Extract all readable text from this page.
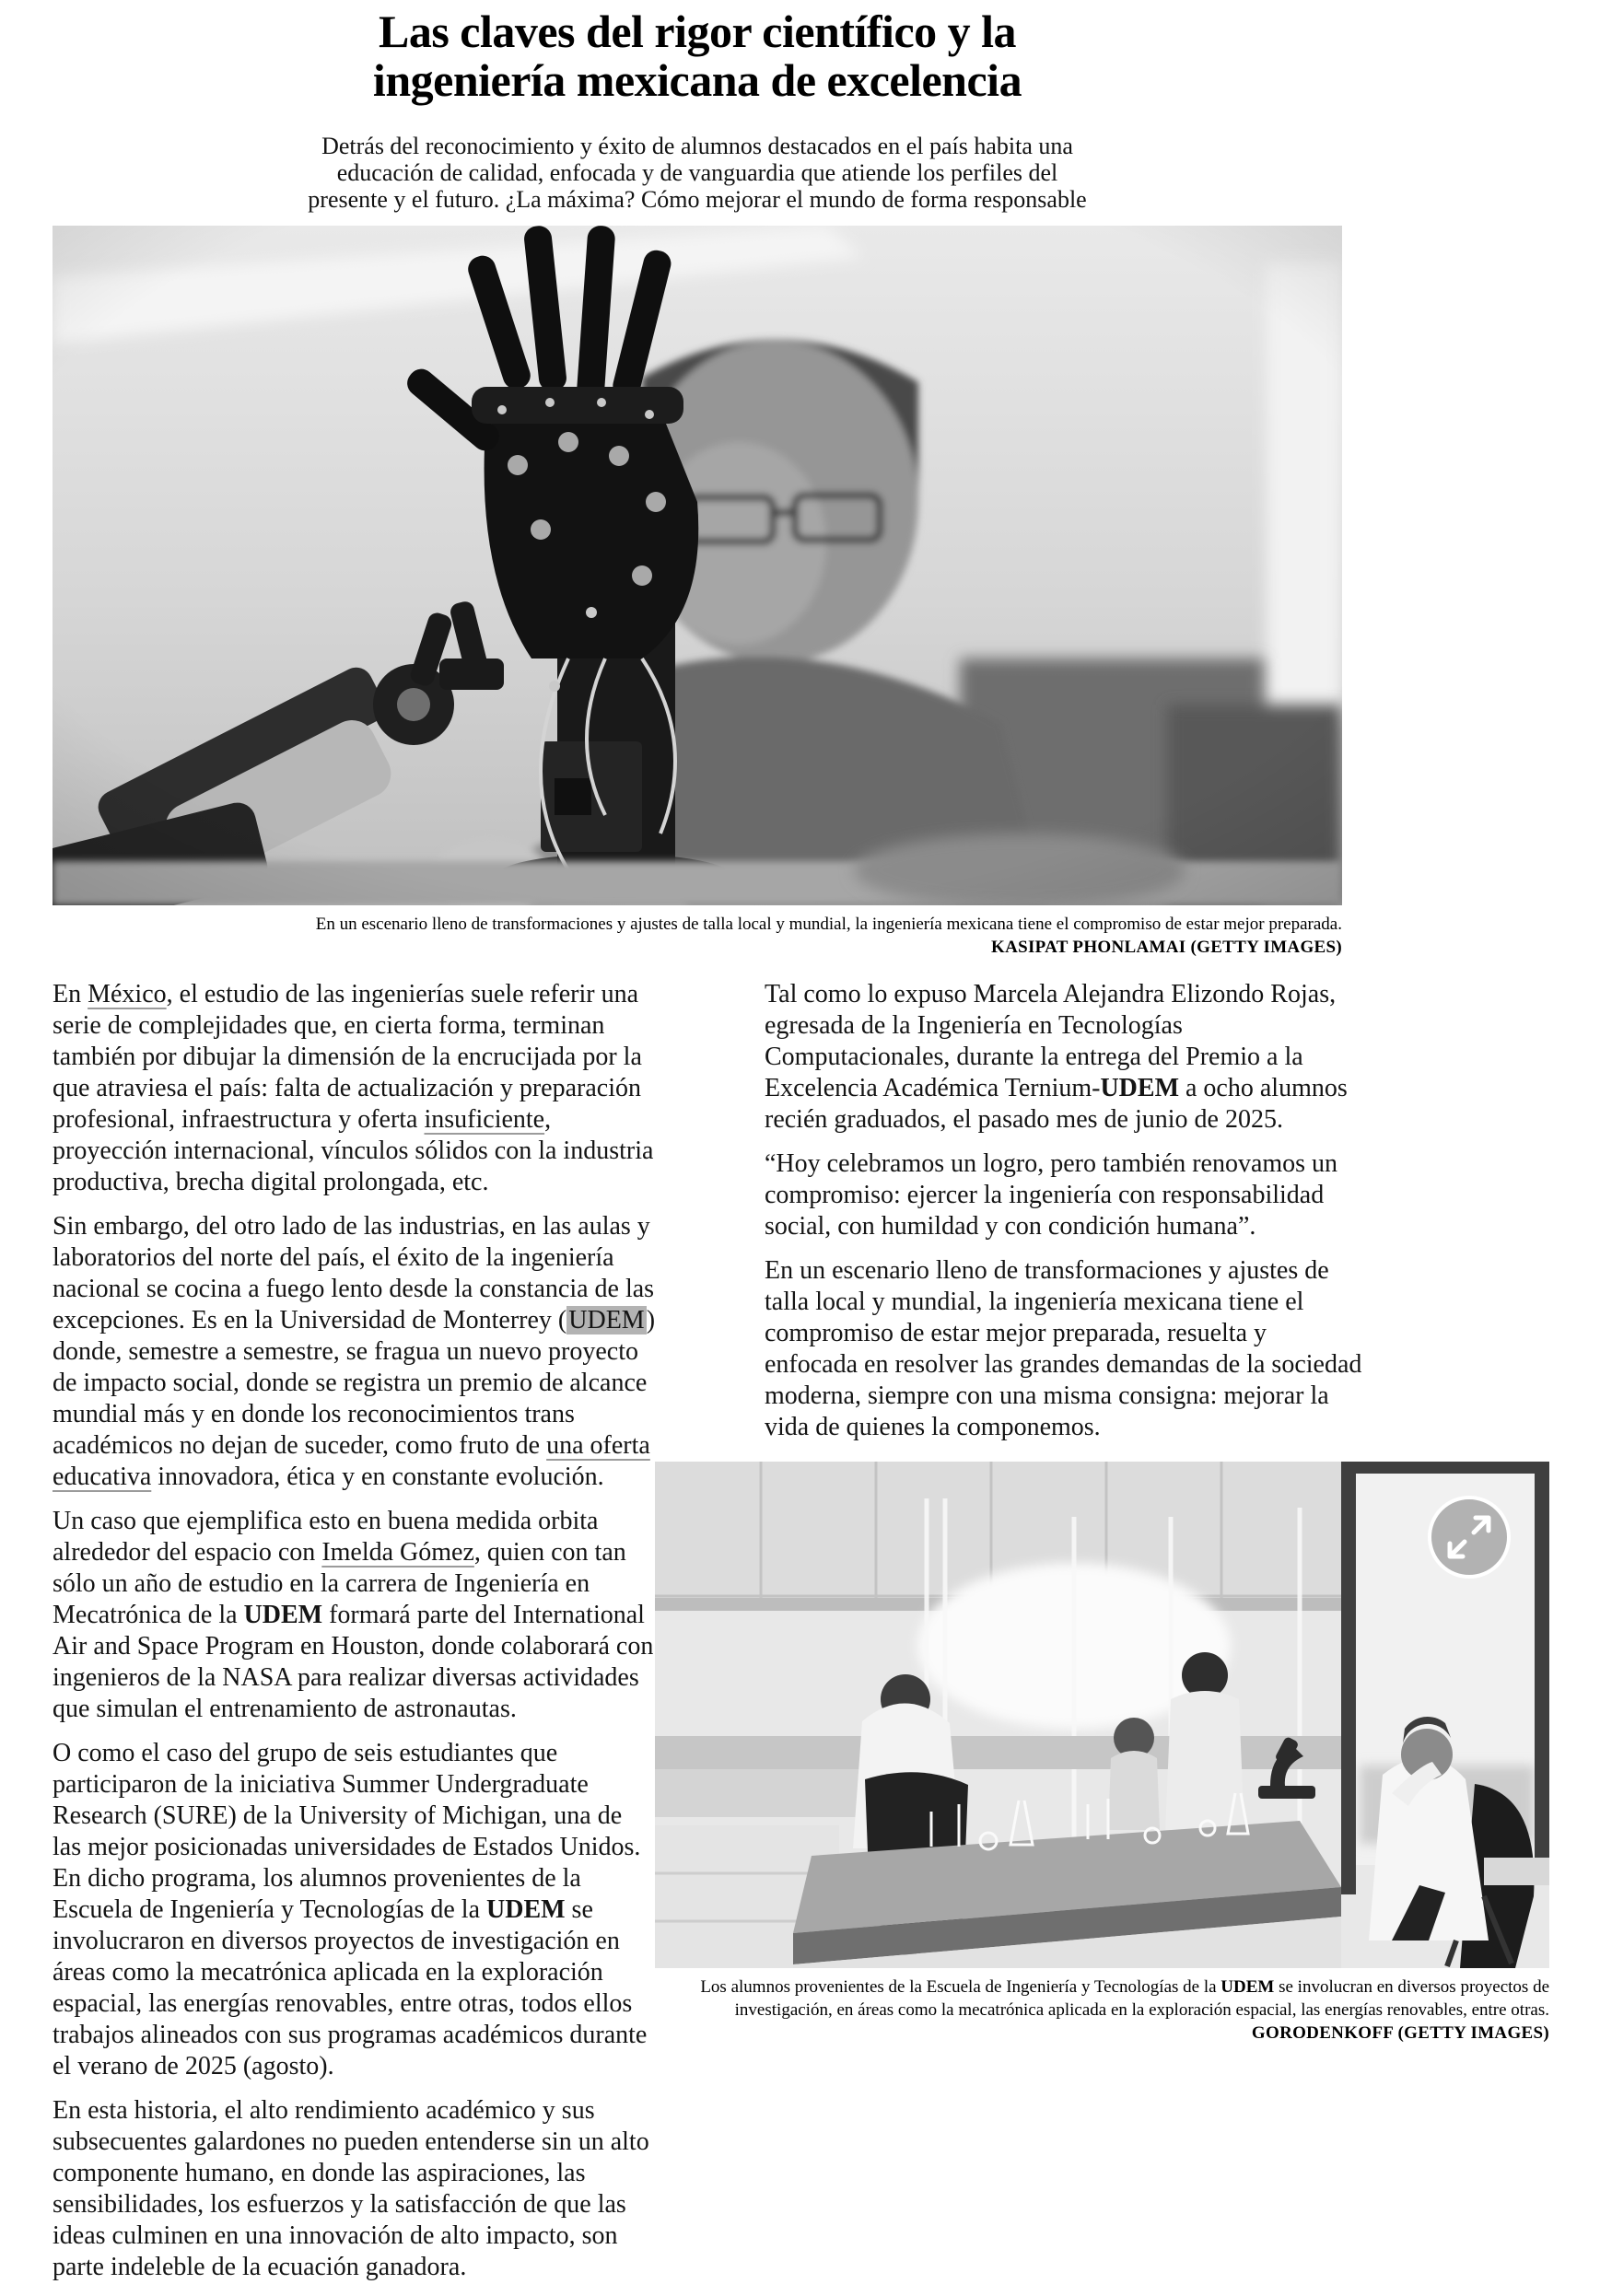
Las claves del rigor científico y la
ingeniería mexicana de excelencia
Detrás del reconocimiento y éxito de alumnos destacados en el país habita una
educación de calidad, enfocada y de vanguardia que atiende los perfiles del
presente y el futuro. ¿La máxima? Cómo mejorar el mundo de forma responsable
En un escenario lleno de transformaciones y ajustes de talla local y mundial, la ingeniería mexicana tiene el compromiso de estar mejor preparada.
KASIPAT PHONLAMAI (GETTY IMAGES)

En México, el estudio de las ingenierías suele referir una serie de complejidades que, en cierta forma, terminan también por dibujar la dimensión de la encrucijada por la que atraviesa el país: falta de actualización y preparación profesional, infraestructura y oferta insuficiente, proyección internacional, vínculos sólidos con la industria productiva, brecha digital prolongada, etc.

Sin embargo, del otro lado de las industrias, en las aulas y laboratorios del norte del país, el éxito de la ingeniería nacional se cocina a fuego lento desde la constancia de las excepciones. Es en la Universidad de Monterrey (UDEM) donde, semestre a semestre, se fragua un nuevo proyecto de impacto social, donde se registra un premio de alcance mundial más y en donde los reconocimientos trans académicos no dejan de suceder, como fruto de una oferta educativa innovadora, ética y en constante evolución.

Un caso que ejemplifica esto en buena medida orbita alrededor del espacio con Imelda Gómez, quien con tan sólo un año de estudio en la carrera de Ingeniería en Mecatrónica de la UDEM formará parte del International Air and Space Program en Houston, donde colaborará con ingenieros de la NASA para realizar diversas actividades que simulan el entrenamiento de astronautas.

O como el caso del grupo de seis estudiantes que participaron de la iniciativa Summer Undergraduate Research (SURE) de la University of Michigan, una de las mejor posicionadas universidades de Estados Unidos. En dicho programa, los alumnos provenientes de la Escuela de Ingeniería y Tecnologías de la UDEM se involucraron en diversos proyectos de investigación en áreas como la mecatrónica aplicada en la exploración espacial, las energías renovables, entre otras, todos ellos trabajos alineados con sus programas académicos durante el verano de 2025 (agosto).

En esta historia, el alto rendimiento académico y sus subsecuentes galardones no pueden entenderse sin un alto componente humano, en donde las aspiraciones, las sensibilidades, los esfuerzos y la satisfacción de que las ideas culminen en una innovación de alto impacto, son parte indeleble de la ecuación ganadora.

Tal como lo expuso Marcela Alejandra Elizondo Rojas, egresada de la Ingeniería en Tecnologías Computacionales, durante la entrega del Premio a la Excelencia Académica Ternium-UDEM a ocho alumnos recién graduados, el pasado mes de junio de 2025.

“Hoy celebramos un logro, pero también renovamos un compromiso: ejercer la ingeniería con responsabilidad social, con humildad y con condición humana”.

En un escenario lleno de transformaciones y ajustes de talla local y mundial, la ingeniería mexicana tiene el compromiso de estar mejor preparada, resuelta y enfocada en resolver las grandes demandas de la sociedad moderna, siempre con una misma consigna: mejorar la vida de quienes la componemos.

Los alumnos provenientes de la Escuela de Ingeniería y Tecnologías de la UDEM se involucran en diversos proyectos de investigación, en áreas como la mecatrónica aplicada en la exploración espacial, las energías renovables, entre otras.
GORODENKOFF (GETTY IMAGES)
